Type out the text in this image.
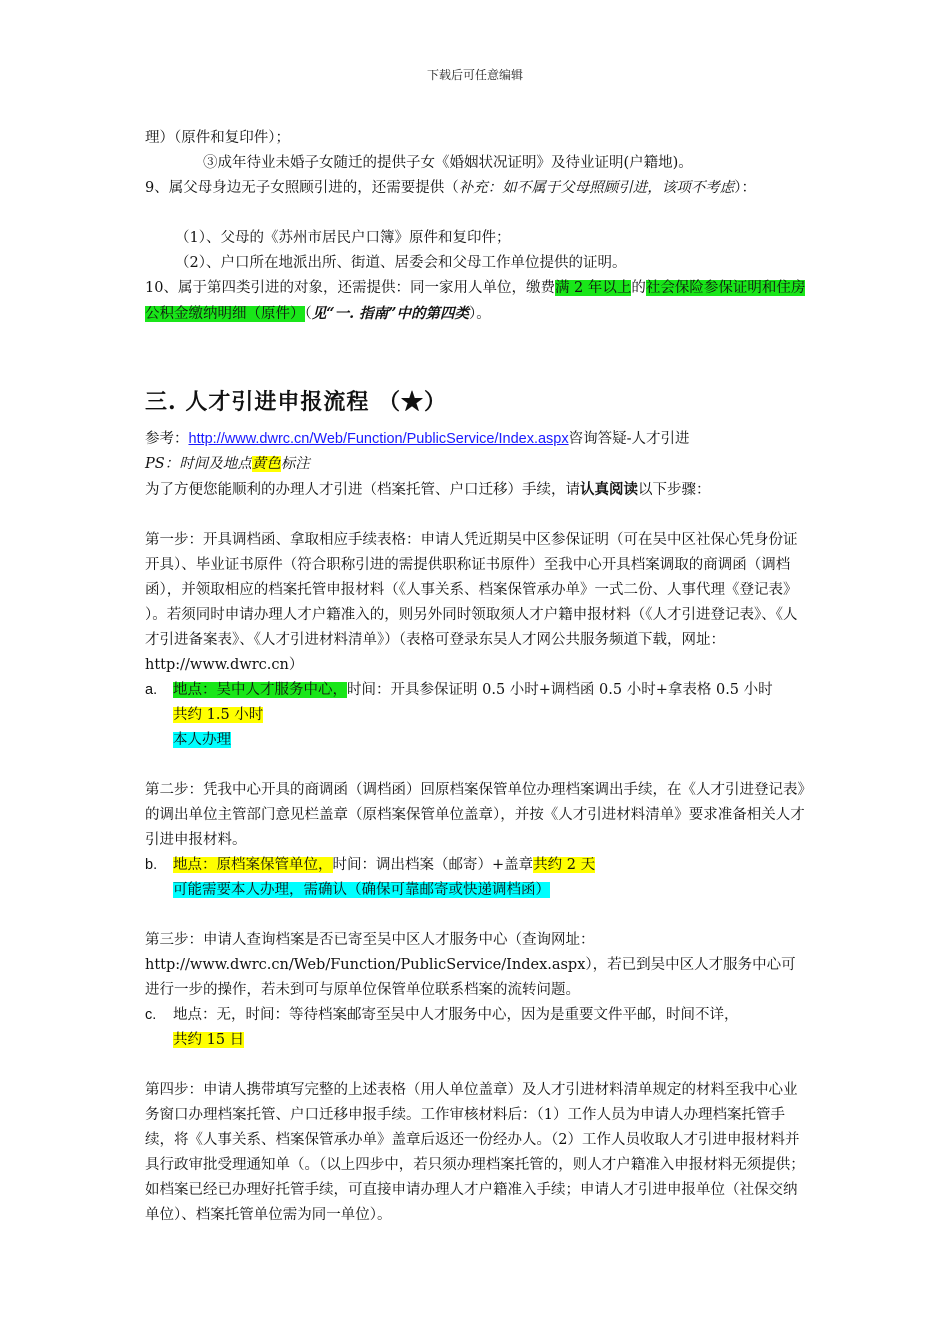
下载后可任意编辑

理）（原件和复印件）；

③成年待业未婚子女随迁的提供子女《婚姻状况证明》及待业证明(户籍地)。

9、属父母身边无子女照顾引进的，还需要提供（补充：如不属于父母照顾引进，该项不考虑）：

（1）、父母的《苏州市居民户口簿》原件和复印件；

（2）、户口所在地派出所、街道、居委会和父母工作单位提供的证明。

10、属于第四类引进的对象，还需提供：同一家用人单位，缴费满 2 年以上的社会保险参保证明和住房公积金缴纳明细（原件）（见“一. 指南”中的第四类）。

三. 人才引进申报流程 （★）

参考：http://www.dwrc.cn/Web/Function/PublicService/Index.aspx咨询答疑-人才引进

PS：时间及地点黄色标注

为了方便您能顺利的办理人才引进（档案托管、户口迁移）手续，请认真阅读以下步骤：

第一步：开具调档函、拿取相应手续表格：申请人凭近期吴中区参保证明（可在吴中区社保心凭身份证开具）、毕业证书原件（符合职称引进的需提供职称证书原件）至我中心开具档案调取的商调函（调档函），并领取相应的档案托管申报材料（《人事关系、档案保管承办单》一式二份、人事代理《登记表》 ）。若须同时申请办理人才户籍准入的，则另外同时领取须人才户籍申报材料（《人才引进登记表》、《人才引进备案表》、《人才引进材料清单》）（表格可登录东吴人才网公共服务频道下载，网址：http://www.dwrc.cn）

a. 地点：吴中人才服务中心，时间：开具参保证明 0.5 小时+调档函 0.5 小时+拿表格 0.5 小时

共约 1.5 小时

本人办理

第二步：凭我中心开具的商调函（调档函）回原档案保管单位办理档案调出手续，在《人才引进登记表》的调出单位主管部门意见栏盖章（原档案保管单位盖章），并按《人才引进材料清单》要求准备相关人才引进申报材料。

b. 地点：原档案保管单位，时间：调出档案（邮寄）+盖章共约 2 天

可能需要本人办理，需确认（确保可靠邮寄或快递调档函）

第三步：申请人查询档案是否已寄至吴中区人才服务中心（查询网址：http://www.dwrc.cn/Web/Function/PublicService/Index.aspx），若已到吴中区人才服务中心可进行一步的操作，若未到可与原单位保管单位联系档案的流转问题。

c. 地点：无，时间：等待档案邮寄至吴中人才服务中心，因为是重要文件平邮，时间不详，

共约 15 日

第四步：申请人携带填写完整的上述表格（用人单位盖章）及人才引进材料清单规定的材料至我中心业务窗口办理档案托管、户口迁移申报手续。工作审核材料后：（1）工作人员为申请人办理档案托管手续，将《人事关系、档案保管承办单》盖章后返还一份经办人。（2）工作人员收取人才引进申报材料并具行政审批受理通知单（。（以上四步中，若只须办理档案托管的，则人才户籍准入申报材料无须提供；如档案已经已办理好托管手续，可直接申请办理人才户籍准入手续；申请人才引进申报单位（社保交纳单位）、档案托管单位需为同一单位）。
